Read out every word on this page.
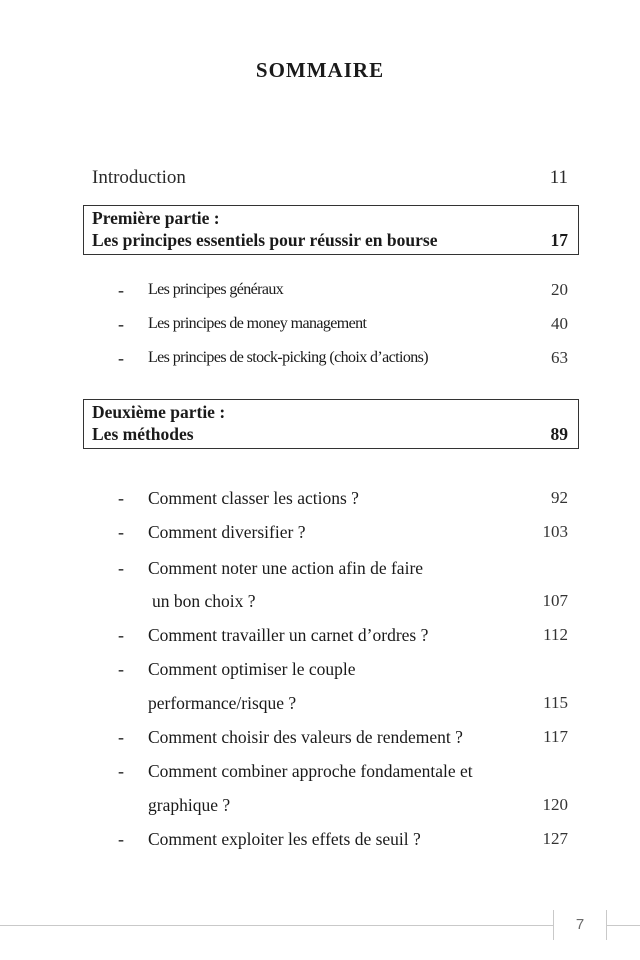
SOMMAIRE
Introduction	11
Première partie :
Les principes essentiels pour réussir en bourse	17
- Les principes généraux	20
- Les principes de money management	40
- Les principes de stock-picking (choix d’actions)	63
Deuxième partie :
Les méthodes	89
- Comment classer les actions ?	92
- Comment diversifier ?	103
- Comment noter une action afin de faire
un bon choix ?	107
- Comment travailler un carnet d’ordres ?	112
- Comment optimiser le couple
performance/risque ?	115
- Comment choisir des valeurs de rendement ?	117
- Comment combiner approche fondamentale et
graphique ?	120
- Comment exploiter les effets de seuil ?	127
7
